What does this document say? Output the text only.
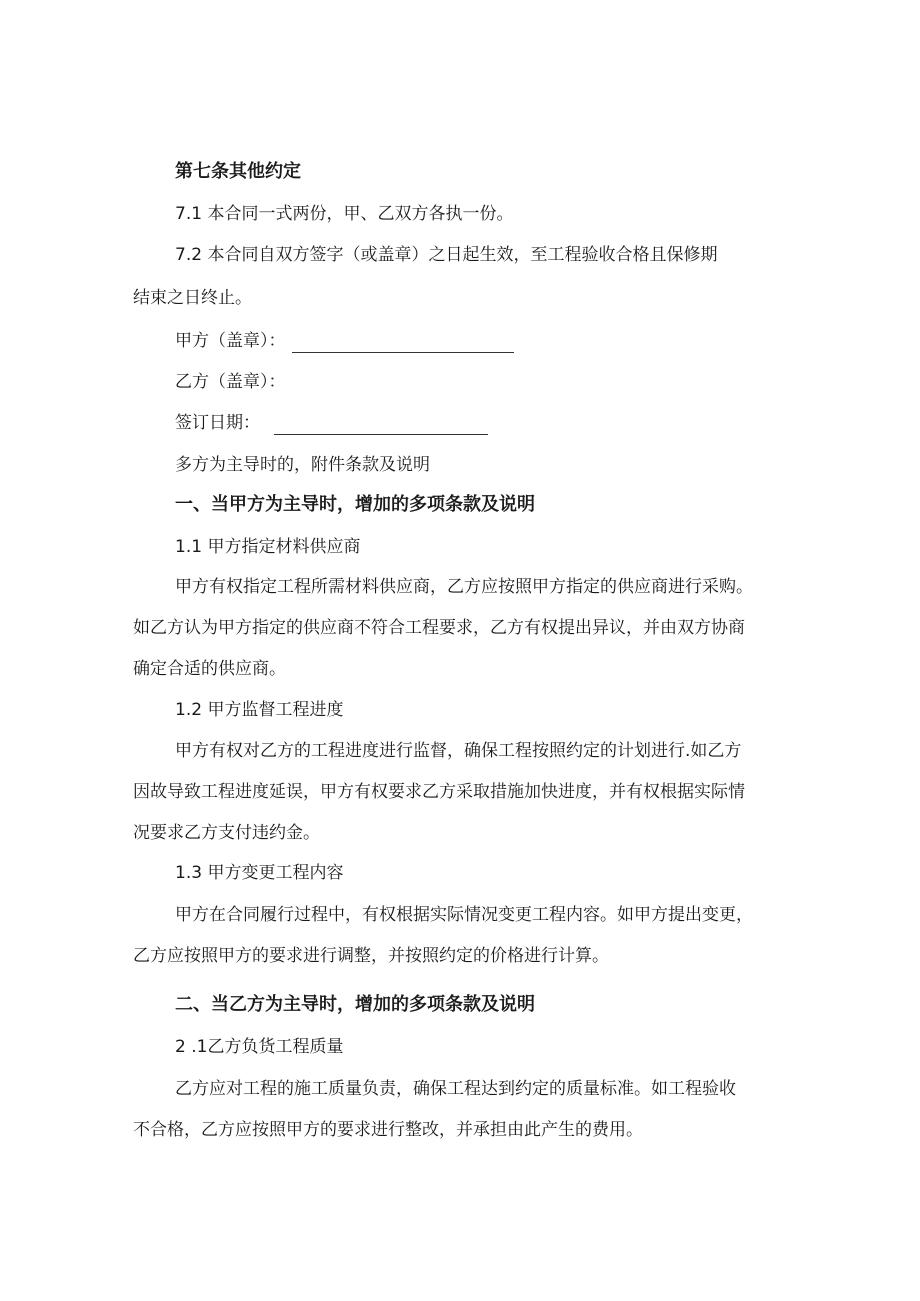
第七条其他约定

7.1 本合同一式两份，甲、乙双方各执一份。

7.2 本合同自双方签字（或盖章）之日起生效，至工程验收合格且保修期

结束之日终止。

甲方（盖章）：

乙方（盖章）：

签订日期：

多方为主导时的，附件条款及说明

一、当甲方为主导时，增加的多项条款及说明

1.1 甲方指定材料供应商

甲方有权指定工程所需材料供应商，乙方应按照甲方指定的供应商进行采购。

如乙方认为甲方指定的供应商不符合工程要求，乙方有权提出异议，并由双方协商

确定合适的供应商。

1.2 甲方监督工程进度

甲方有权对乙方的工程进度进行监督，确保工程按照约定的计划进行.如乙方

因故导致工程进度延误，甲方有权要求乙方采取措施加快进度，并有权根据实际情

况要求乙方支付违约金。

1.3 甲方变更工程内容

甲方在合同履行过程中，有权根据实际情况变更工程内容。如甲方提出变更，

乙方应按照甲方的要求进行调整，并按照约定的价格进行计算。

二、当乙方为主导时，增加的多项条款及说明

2 .1乙方负货工程质量

乙方应对工程的施工质量负责，确保工程达到约定的质量标准。如工程验收

不合格，乙方应按照甲方的要求进行整改，并承担由此产生的费用。
